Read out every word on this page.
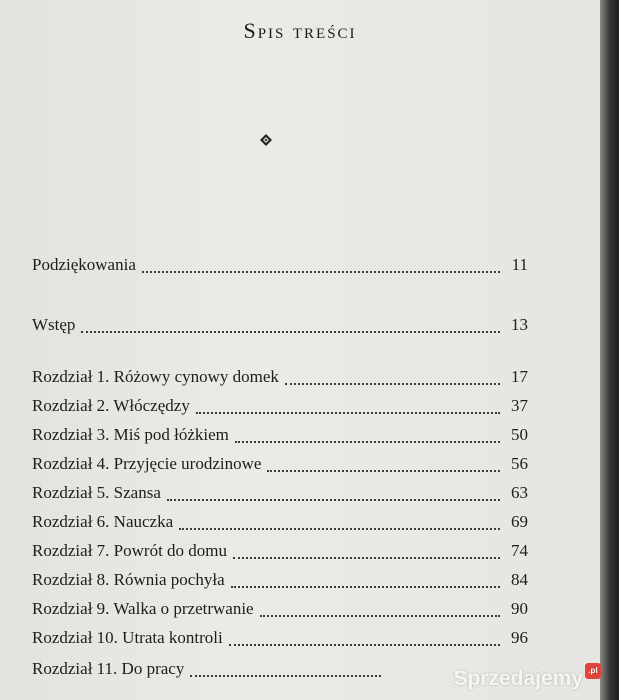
Spis treści
Podziękowania	11
Wstęp	13
Rozdział 1. Różowy cynowy domek	17
Rozdział 2. Włóczędzy	37
Rozdział 3. Miś pod łóżkiem	50
Rozdział 4. Przyjęcie urodzinowe	56
Rozdział 5. Szansa	63
Rozdział 6. Nauczka	69
Rozdział 7. Powrót do domu	74
Rozdział 8. Równia pochyła	84
Rozdział 9. Walka o przetrwanie	90
Rozdział 10. Utrata kontroli	96
Rozdział 11. Do pracy	Sprzedajemy .pl
